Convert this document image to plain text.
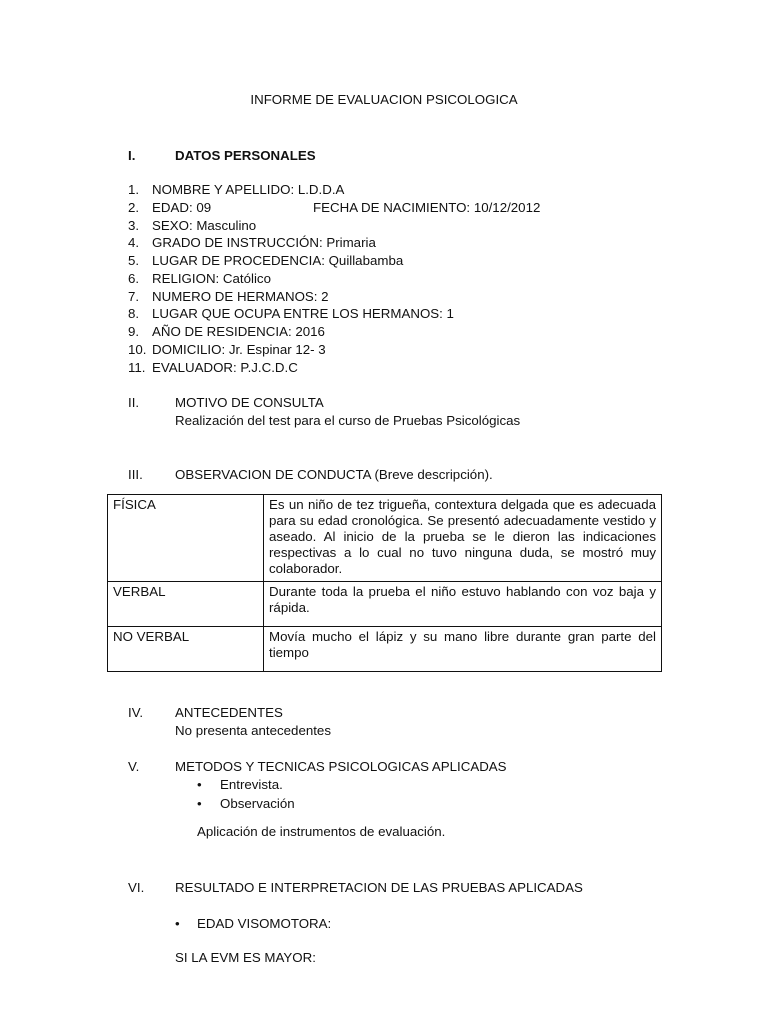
INFORME DE EVALUACION PSICOLOGICA
I.	DATOS PERSONALES
1. NOMBRE Y APELLIDO: L.D.D.A
2. EDAD: 09	FECHA DE NACIMIENTO: 10/12/2012
3. SEXO: Masculino
4. GRADO DE INSTRUCCIÓN: Primaria
5. LUGAR DE PROCEDENCIA: Quillabamba
6. RELIGION: Católico
7. NUMERO DE HERMANOS: 2
8. LUGAR QUE OCUPA ENTRE LOS HERMANOS: 1
9. AÑO DE RESIDENCIA: 2016
10. DOMICILIO: Jr. Espinar 12- 3
11. EVALUADOR: P.J.C.D.C
II.	MOTIVO DE CONSULTA
Realización del test para el curso de Pruebas Psicológicas
III. OBSERVACION DE CONDUCTA (Breve descripción).
FÍSICA	Es un niño de tez trigueña, contextura delgada que es adecuada para su edad cronológica. Se presentó adecuadamente vestido y aseado. Al inicio de la prueba se le dieron las indicaciones respectivas a lo cual no tuvo ninguna duda, se mostró muy colaborador.
VERBAL	Durante toda la prueba el niño estuvo hablando con voz baja y rápida.
NO VERBAL	Movía mucho el lápiz y su mano libre durante gran parte del tiempo
IV. ANTECEDENTES
No presenta antecedentes
V.	METODOS Y TECNICAS PSICOLOGICAS APLICADAS
• Entrevista.
• Observación
Aplicación de instrumentos de evaluación.
VI. RESULTADO E INTERPRETACION DE LAS PRUEBAS APLICADAS
• EDAD VISOMOTORA:
SI LA EVM ES MAYOR:
